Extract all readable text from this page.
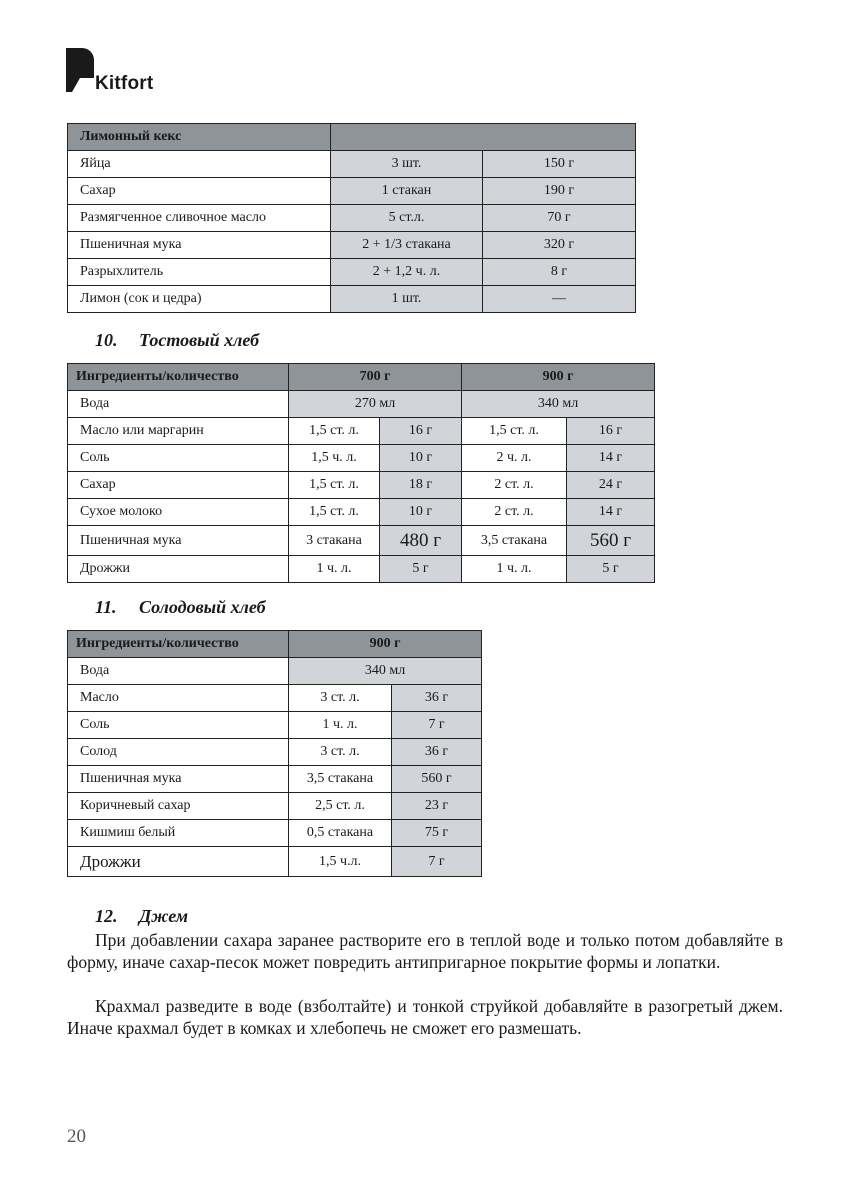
Kitfort
Лимонный кекс		
Яйца	3 шт.	150 г
Сахар	1 стакан	190 г
Размягченное сливочное масло	5 ст.л.	70 г
Пшеничная мука	2 + 1/3 стакана	320 г
Разрыхлитель	2 + 1,2 ч. л.	8 г
Лимон (сок и цедра)	1 шт.	—
10. Тостовый хлеб
Ингредиенты/количество	700 г		900 г	
Вода	270 мл		340 мл	
Масло или маргарин	1,5 ст. л.	16 г	1,5 ст. л.	16 г
Соль	1,5 ч. л.	10 г	2 ч. л.	14 г
Сахар	1,5 ст. л.	18 г	2 ст. л.	24 г
Сухое молоко	1,5 ст. л.	10 г	2 ст. л.	14 г
Пшеничная мука	3 стакана	480 г	3,5 стакана	560 г
Дрожжи	1 ч. л.	5 г	1 ч. л.	5 г
11. Солодовый хлеб
Ингредиенты/количество	900 г	
Вода	340 мл	
Масло	3 ст. л.	36 г
Соль	1 ч. л.	7 г
Солод	3 ст. л.	36 г
Пшеничная мука	3,5 стакана	560 г
Коричневый сахар	2,5 ст. л.	23 г
Кишмиш белый	0,5 стакана	75 г
Дрожжи	1,5 ч.л.	7 г
12. Джем

При добавлении сахара заранее растворите его в теплой воде и только потом добавляйте в форму, иначе сахар-песок может повредить антипригарное покрытие формы и лопатки.

Крахмал разведите в воде (взболтайте) и тонкой струйкой добавляйте в разогретый джем. Иначе крахмал будет в комках и хлебопечь не сможет его размешать.

20
